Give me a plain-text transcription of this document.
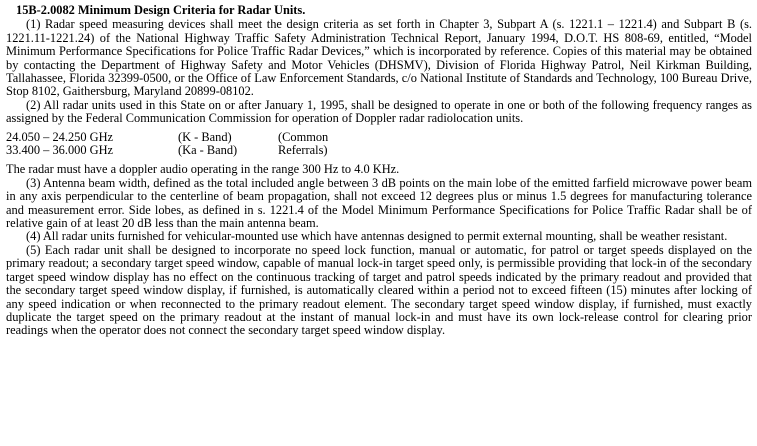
15B-2.0082 Minimum Design Criteria for Radar Units.

(1) Radar speed measuring devices shall meet the design criteria as set forth in Chapter 3, Subpart A (s. 1221.1 – 1221.4) and Subpart B (s. 1221.11-1221.24) of the National Highway Traffic Safety Administration Technical Report, January 1994, D.O.T. HS 808-69, entitled, “Model Minimum Performance Specifications for Police Traffic Radar Devices,” which is incorporated by reference. Copies of this material may be obtained by contacting the Department of Highway Safety and Motor Vehicles (DHSMV), Division of Florida Highway Patrol, Neil Kirkman Building, Tallahassee, Florida 32399-0500, or the Office of Law Enforcement Standards, c/o National Institute of Standards and Technology, 100 Bureau Drive, Stop 8102, Gaithersburg, Maryland 20899-08102.

(2) All radar units used in this State on or after January 1, 1995, shall be designed to operate in one or both of the following frequency ranges as assigned by the Federal Communication Commission for operation of Doppler radar radiolocation units.

24.050 – 24.250 GHz	(K - Band)	(Common
33.400 – 36.000 GHz	(Ka - Band)	Referrals)

The radar must have a doppler audio operating in the range 300 Hz to 4.0 KHz.

(3) Antenna beam width, defined as the total included angle between 3 dB points on the main lobe of the emitted farfield microwave power beam in any axis perpendicular to the centerline of beam propagation, shall not exceed 12 degrees plus or minus 1.5 degrees for manufacturing tolerance and measurement error. Side lobes, as defined in s. 1221.4 of the Model Minimum Performance Specifications for Police Traffic Radar shall be of relative gain of at least 20 dB less than the main antenna beam.

(4) All radar units furnished for vehicular-mounted use which have antennas designed to permit external mounting, shall be weather resistant.

(5) Each radar unit shall be designed to incorporate no speed lock function, manual or automatic, for patrol or target speeds displayed on the primary readout; a secondary target speed window, capable of manual lock-in target speed only, is permissible providing that lock-in of the secondary target speed window display has no effect on the continuous tracking of target and patrol speeds indicated by the primary readout and provided that the secondary target speed window display, if furnished, is automatically cleared within a period not to exceed fifteen (15) minutes after locking of any speed indication or when reconnected to the primary readout element. The secondary target speed window display, if furnished, must exactly duplicate the target speed on the primary readout at the instant of manual lock-in and must have its own lock-release control for clearing prior readings when the operator does not connect the secondary target speed window display.
